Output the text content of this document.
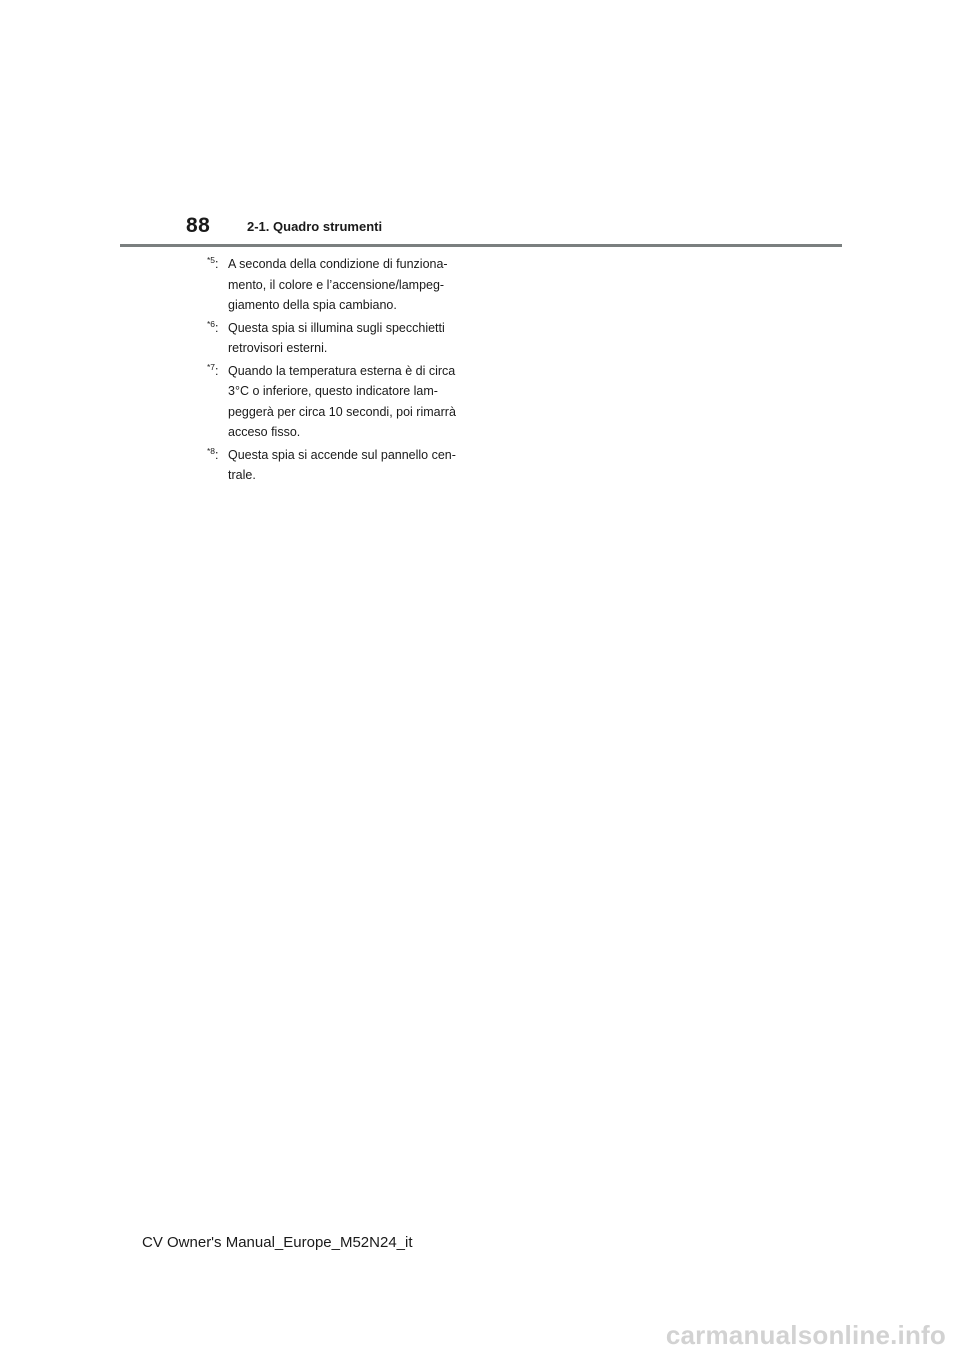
88	2-1. Quadro strumenti
$^{*5}$: A seconda della condizione di funziona-mento, il colore e l’accensione/lampeg-giamento della spia cambiano.
$^{*6}$: Questa spia si illumina sugli specchietti retrovisori esterni.
$^{*7}$: Quando la temperatura esterna è di circa 3°C o inferiore, questo indicatore lam-peggerà per circa 10 secondi, poi rimarrà acceso fisso.
$^{*8}$: Questa spia si accende sul pannello cen-trale.
CV Owner's Manual_Europe_M52N24_it
carmanualsonline.info
